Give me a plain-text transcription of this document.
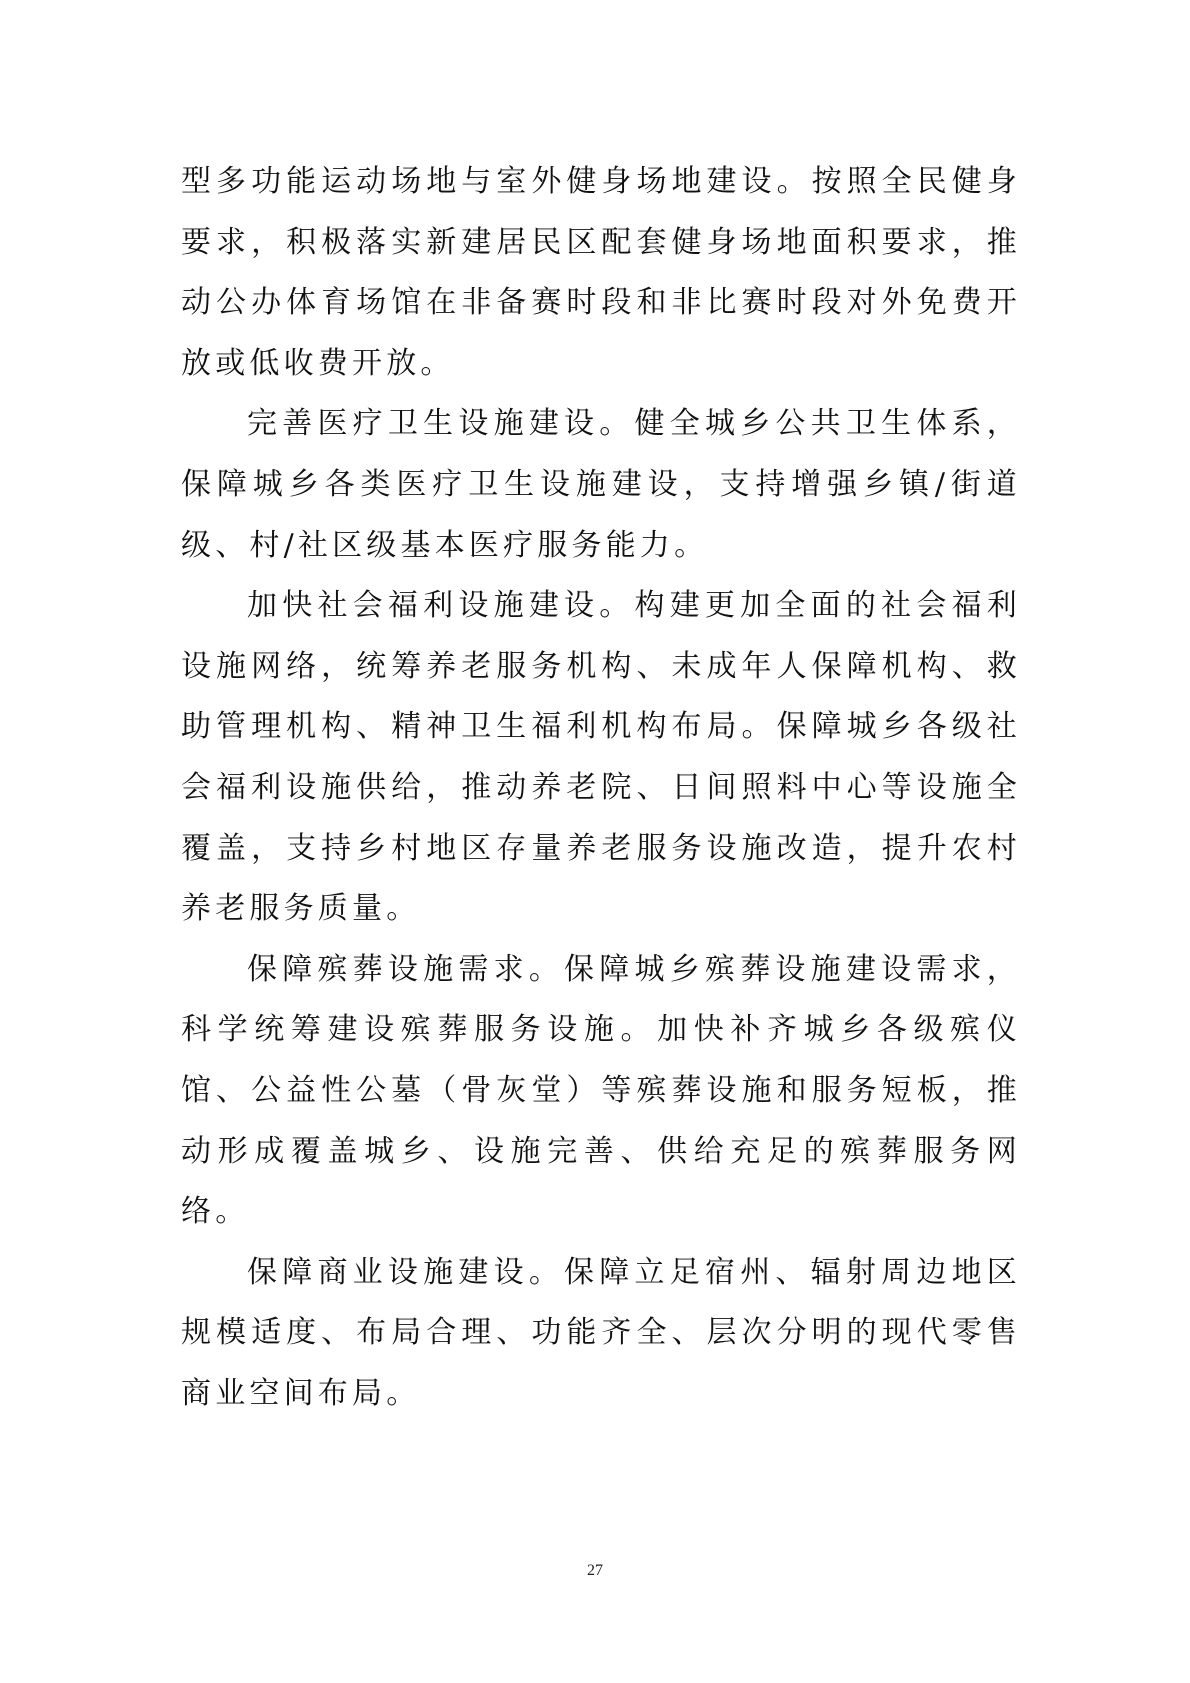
型多功能运动场地与室外健身场地建设。按照全民健身要求，积极落实新建居民区配套健身场地面积要求，推动公办体育场馆在非备赛时段和非比赛时段对外免费开放或低收费开放。

完善医疗卫生设施建设。健全城乡公共卫生体系，保障城乡各类医疗卫生设施建设，支持增强乡镇/街道级、村/社区级基本医疗服务能力。

加快社会福利设施建设。构建更加全面的社会福利设施网络，统筹养老服务机构、未成年人保障机构、救助管理机构、精神卫生福利机构布局。保障城乡各级社会福利设施供给，推动养老院、日间照料中心等设施全覆盖，支持乡村地区存量养老服务设施改造，提升农村养老服务质量。

保障殡葬设施需求。保障城乡殡葬设施建设需求，科学统筹建设殡葬服务设施。加快补齐城乡各级殡仪馆、公益性公墓（骨灰堂）等殡葬设施和服务短板，推动形成覆盖城乡、设施完善、供给充足的殡葬服务网络。

保障商业设施建设。保障立足宿州、辐射周边地区规模适度、布局合理、功能齐全、层次分明的现代零售商业空间布局。

27
